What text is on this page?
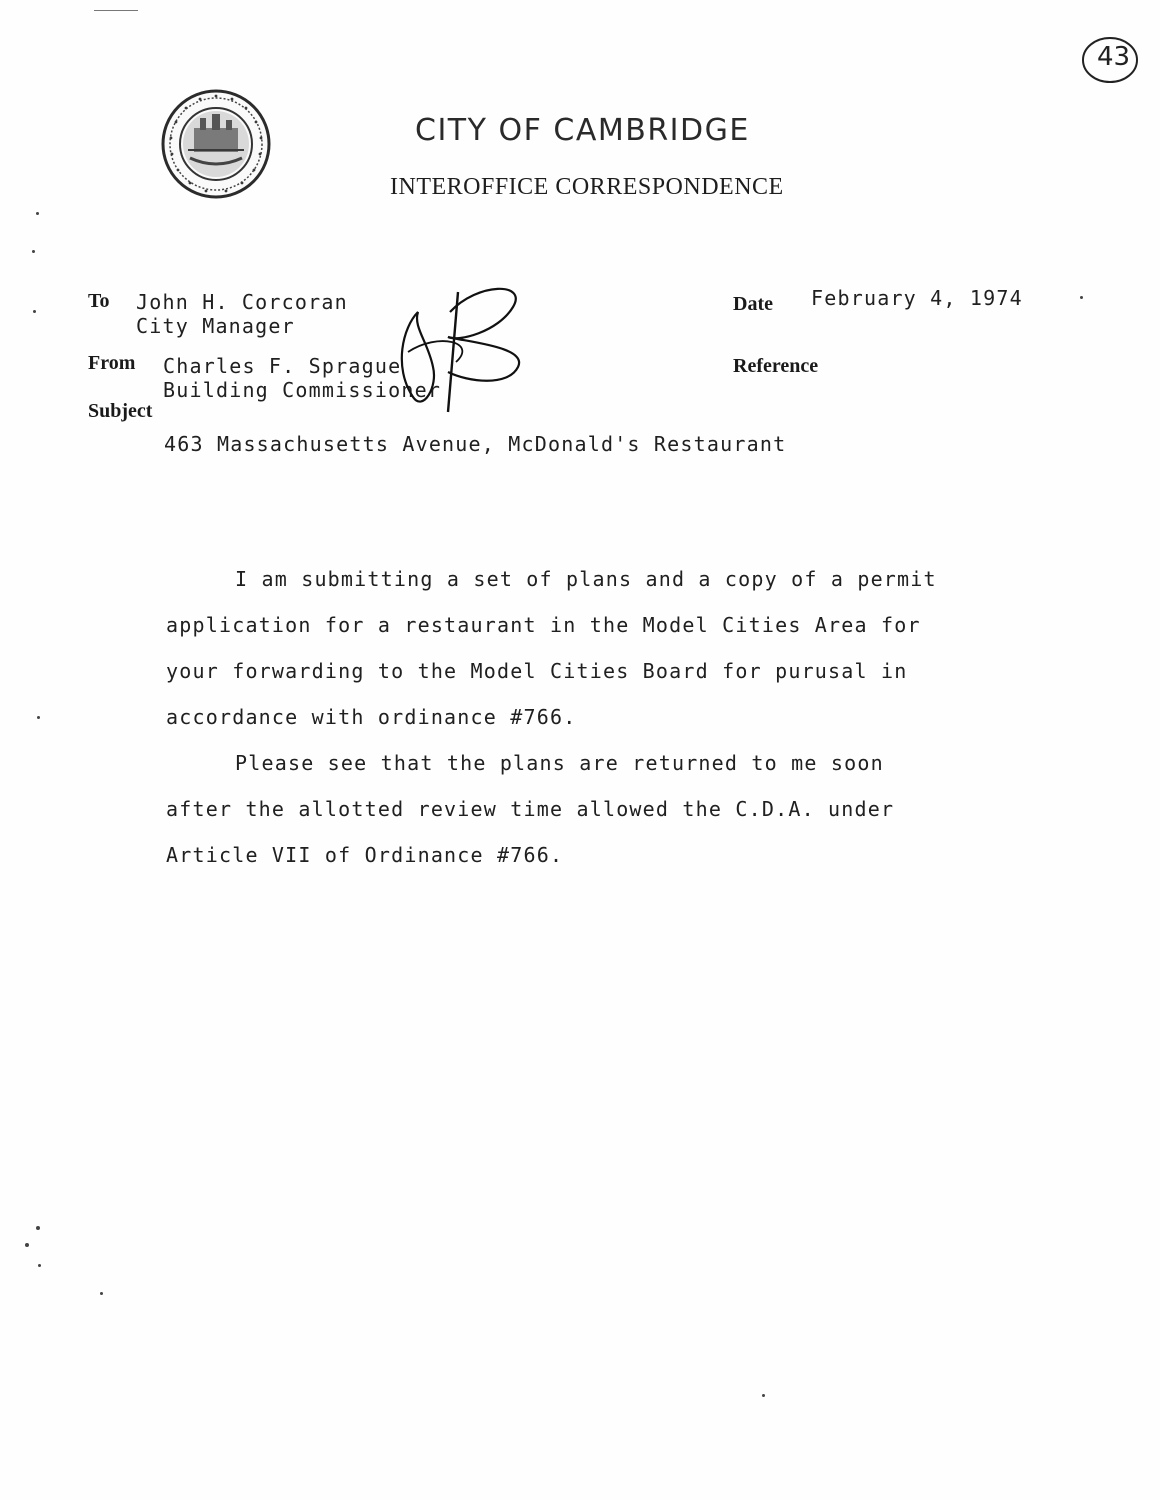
43
CITY OF CAMBRIDGE
INTEROFFICE CORRESPONDENCE
To John H. Corcoran
City Manager
From Charles F. Sprague
Building Commissioner
Subject
463 Massachusetts Avenue, McDonald's Restaurant
Date February 4, 1974
Reference
I am submitting a set of plans and a copy of a permit
application for a restaurant in the Model Cities Area for
your forwarding to the Model Cities Board for purusal in
accordance with ordinance #766.
Please see that the plans are returned to me soon
after the allotted review time allowed the C.D.A. under
Article VII of Ordinance #766.
